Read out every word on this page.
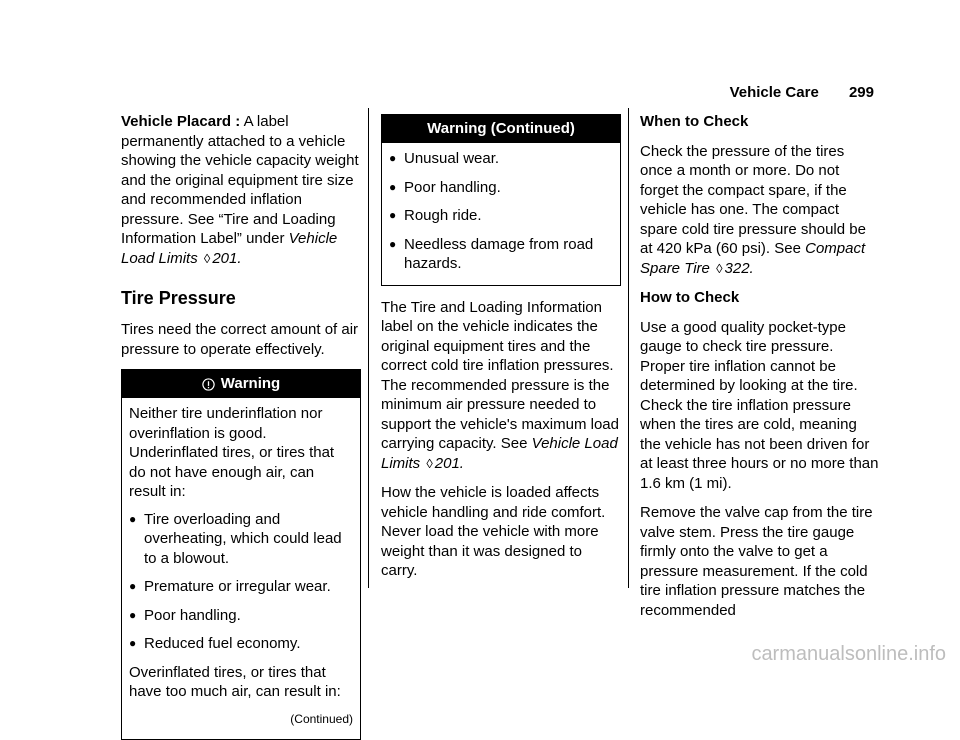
Vehicle Care 299

Vehicle Placard : A label permanently attached to a vehicle showing the vehicle capacity weight and the original equipment tire size and recommended inflation pressure. See “Tire and Loading Information Label” under Vehicle Load Limits ◊ 201.

Tire Pressure

Tires need the correct amount of air pressure to operate effectively.

Warning

Neither tire underinflation nor overinflation is good. Underinflated tires, or tires that do not have enough air, can result in:

● Tire overloading and overheating, which could lead to a blowout.
● Premature or irregular wear.
● Poor handling.
● Reduced fuel economy.

Overinflated tires, or tires that have too much air, can result in:

(Continued)

Warning (Continued)
● Unusual wear.
● Poor handling.
● Rough ride.
● Needless damage from road hazards.

The Tire and Loading Information label on the vehicle indicates the original equipment tires and the correct cold tire inflation pressures. The recommended pressure is the minimum air pressure needed to support the vehicle's maximum load carrying capacity. See Vehicle Load Limits ◊ 201.

How the vehicle is loaded affects vehicle handling and ride comfort. Never load the vehicle with more weight than it was designed to carry.

When to Check

Check the pressure of the tires once a month or more. Do not forget the compact spare, if the vehicle has one. The compact spare cold tire pressure should be at 420 kPa (60 psi). See Compact Spare Tire ◊ 322.

How to Check

Use a good quality pocket-type gauge to check tire pressure. Proper tire inflation cannot be determined by looking at the tire. Check the tire inflation pressure when the tires are cold, meaning the vehicle has not been driven for at least three hours or no more than 1.6 km (1 mi).

Remove the valve cap from the tire valve stem. Press the tire gauge firmly onto the valve to get a pressure measurement. If the cold tire inflation pressure matches the recommended

carmanualsonline.info
